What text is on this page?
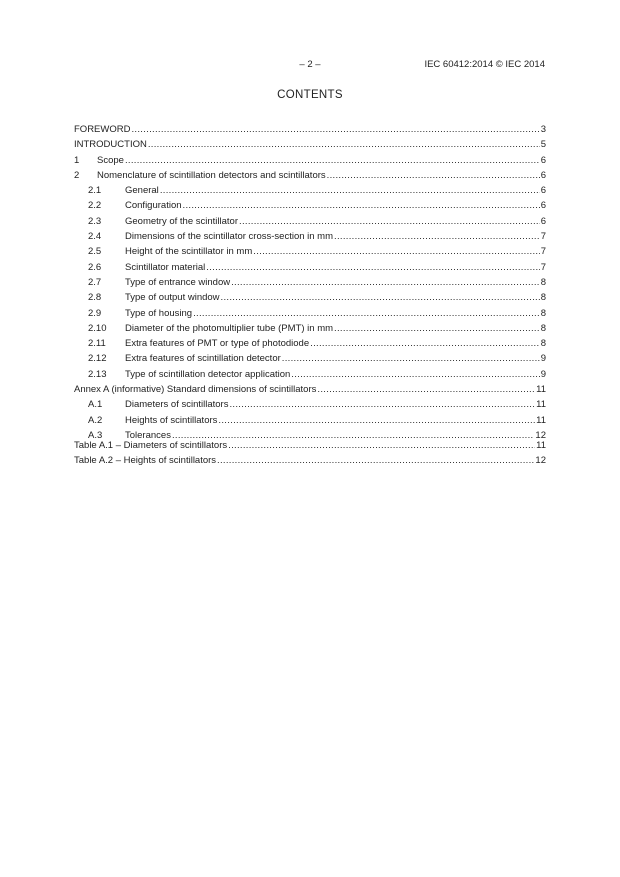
– 2 –	IEC 60412:2014 © IEC 2014
CONTENTS
FOREWORD .....	3
INTRODUCTION .....	5
1	Scope .....	6
2	Nomenclature of scintillation detectors and scintillators .....	6
2.1	General .....	6
2.2	Configuration .....	6
2.3	Geometry of the scintillator .....	6
2.4	Dimensions of the scintillator cross-section in mm .....	7
2.5	Height of the scintillator in mm .....	7
2.6	Scintillator material .....	7
2.7	Type of entrance window .....	8
2.8	Type of output window .....	8
2.9	Type of housing .....	8
2.10	Diameter of the photomultiplier tube (PMT) in mm .....	8
2.11	Extra features of PMT or type of photodiode .....	8
2.12	Extra features of scintillation detector .....	9
2.13	Type of scintillation detector application .....	9
Annex A (informative) Standard dimensions of scintillators .....	11
A.1	Diameters of scintillators .....	11
A.2	Heights of scintillators .....	11
A.3	Tolerances .....	12
Table A.1 – Diameters of scintillators .....	11
Table A.2 – Heights of scintillators .....	12
